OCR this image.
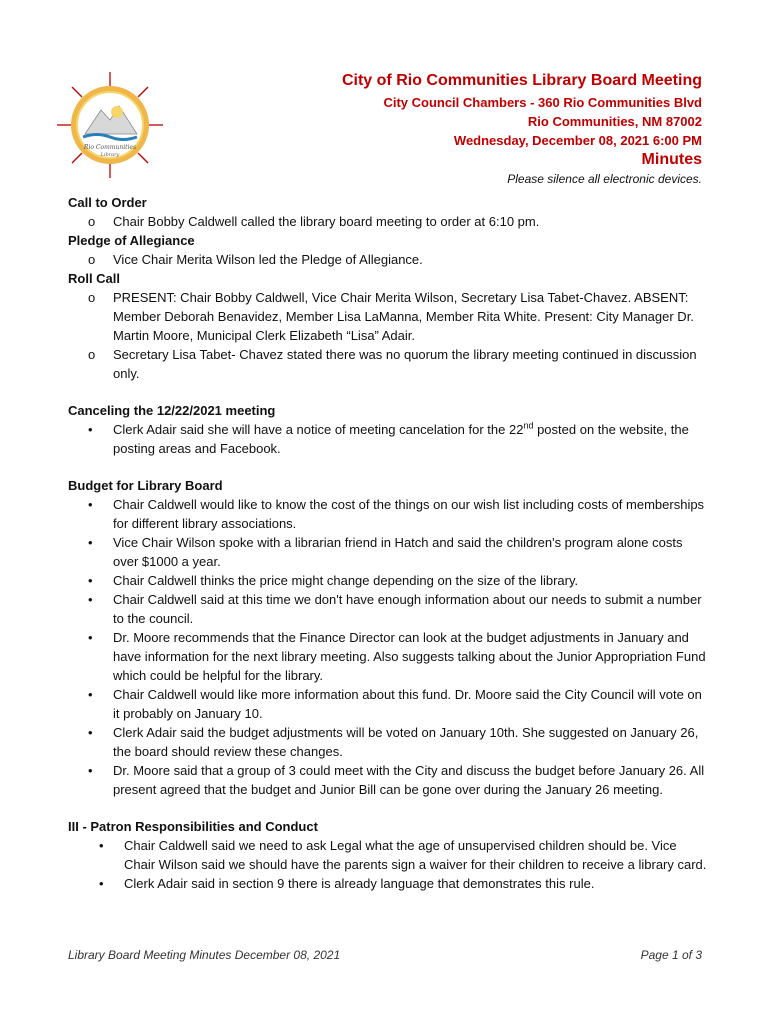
Rio Communities
Library
City of Rio Communities Library Board Meeting
City Council Chambers - 360 Rio Communities Blvd
Rio Communities, NM 87002
Wednesday, December 08, 2021 6:00 PM
Minutes
Please silence all electronic devices.
Call to Order
o Chair Bobby Caldwell called the library board meeting to order at 6:10 pm.
Pledge of Allegiance
o Vice Chair Merita Wilson led the Pledge of Allegiance.
Roll Call
o PRESENT: Chair Bobby Caldwell, Vice Chair Merita Wilson, Secretary Lisa Tabet-Chavez. ABSENT: Member Deborah Benavidez, Member Lisa LaManna, Member Rita White. Present: City Manager Dr. Martin Moore, Municipal Clerk Elizabeth “Lisa” Adair.
o Secretary Lisa Tabet- Chavez stated there was no quorum the library meeting continued in discussion only.
Canceling the 12/22/2021 meeting
• Clerk Adair said she will have a notice of meeting cancelation for the 22nd posted on the website, the posting areas and Facebook.
Budget for Library Board
• Chair Caldwell would like to know the cost of the things on our wish list including costs of memberships for different library associations.
• Vice Chair Wilson spoke with a librarian friend in Hatch and said the children's program alone costs over $1000 a year.
• Chair Caldwell thinks the price might change depending on the size of the library.
• Chair Caldwell said at this time we don't have enough information about our needs to submit a number to the council.
• Dr. Moore recommends that the Finance Director can look at the budget adjustments in January and have information for the next library meeting. Also suggests talking about the Junior Appropriation Fund which could be helpful for the library.
• Chair Caldwell would like more information about this fund. Dr. Moore said the City Council will vote on it probably on January 10.
• Clerk Adair said the budget adjustments will be voted on January 10th. She suggested on January 26, the board should review these changes.
• Dr. Moore said that a group of 3 could meet with the City and discuss the budget before January 26. All present agreed that the budget and Junior Bill can be gone over during the January 26 meeting.
III - Patron Responsibilities and Conduct
• Chair Caldwell said we need to ask Legal what the age of unsupervised children should be. Vice Chair Wilson said we should have the parents sign a waiver for their children to receive a library card.
• Clerk Adair said in section 9 there is already language that demonstrates this rule.
Library Board Meeting Minutes December 08, 2021	Page 1 of 3
